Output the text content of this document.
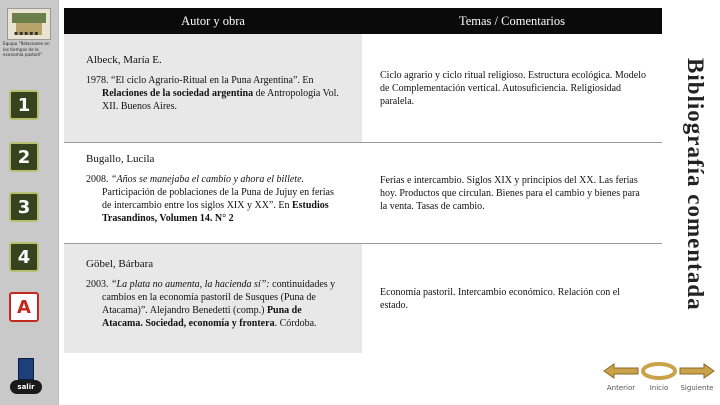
▪▪▪▪▪
Equipo "Relaciones en los tiempos de la economía pastoril"
1
2
3
4
A
salir
Autor y obra	Temas / Comentarios
Albeck, María E.
1978. “El ciclo Agrario-Ritual en la Puna Argentina”. En Relaciones de la sociedad argentina de Antropología Vol. XII. Buenos Aires.
Ciclo agrario y ciclo ritual religioso. Estructura ecológica. Modelo de Complementación vertical. Autosuficiencia. Religiosidad paralela.
Bugallo, Lucila
2008. “Años se manejaba el cambio y ahora el billete. Participación de poblaciones de la Puna de Jujuy en ferias de intercambio entre los siglos XIX y XX”. En Estudios Trasandinos, Volumen 14. N° 2
Ferias e intercambio. Siglos XIX y principios del XX. Las ferias hoy. Productos que circulan. Bienes para el cambio y bienes para la venta. Tasas de cambio.
Göbel, Bárbara
2003. “La plata no aumenta, la hacienda sí”: continuidades y cambios en la economía pastoril de Susques (Puna de Atacama)”. Alejandro Benedetti (comp.) Puna de Atacama. Sociedad, economía y frontera. Córdoba.
Economía pastoril. Intercambio económico. Relación con el estado.	Bibliografía comentada
Anterior Inicio Siguiente
